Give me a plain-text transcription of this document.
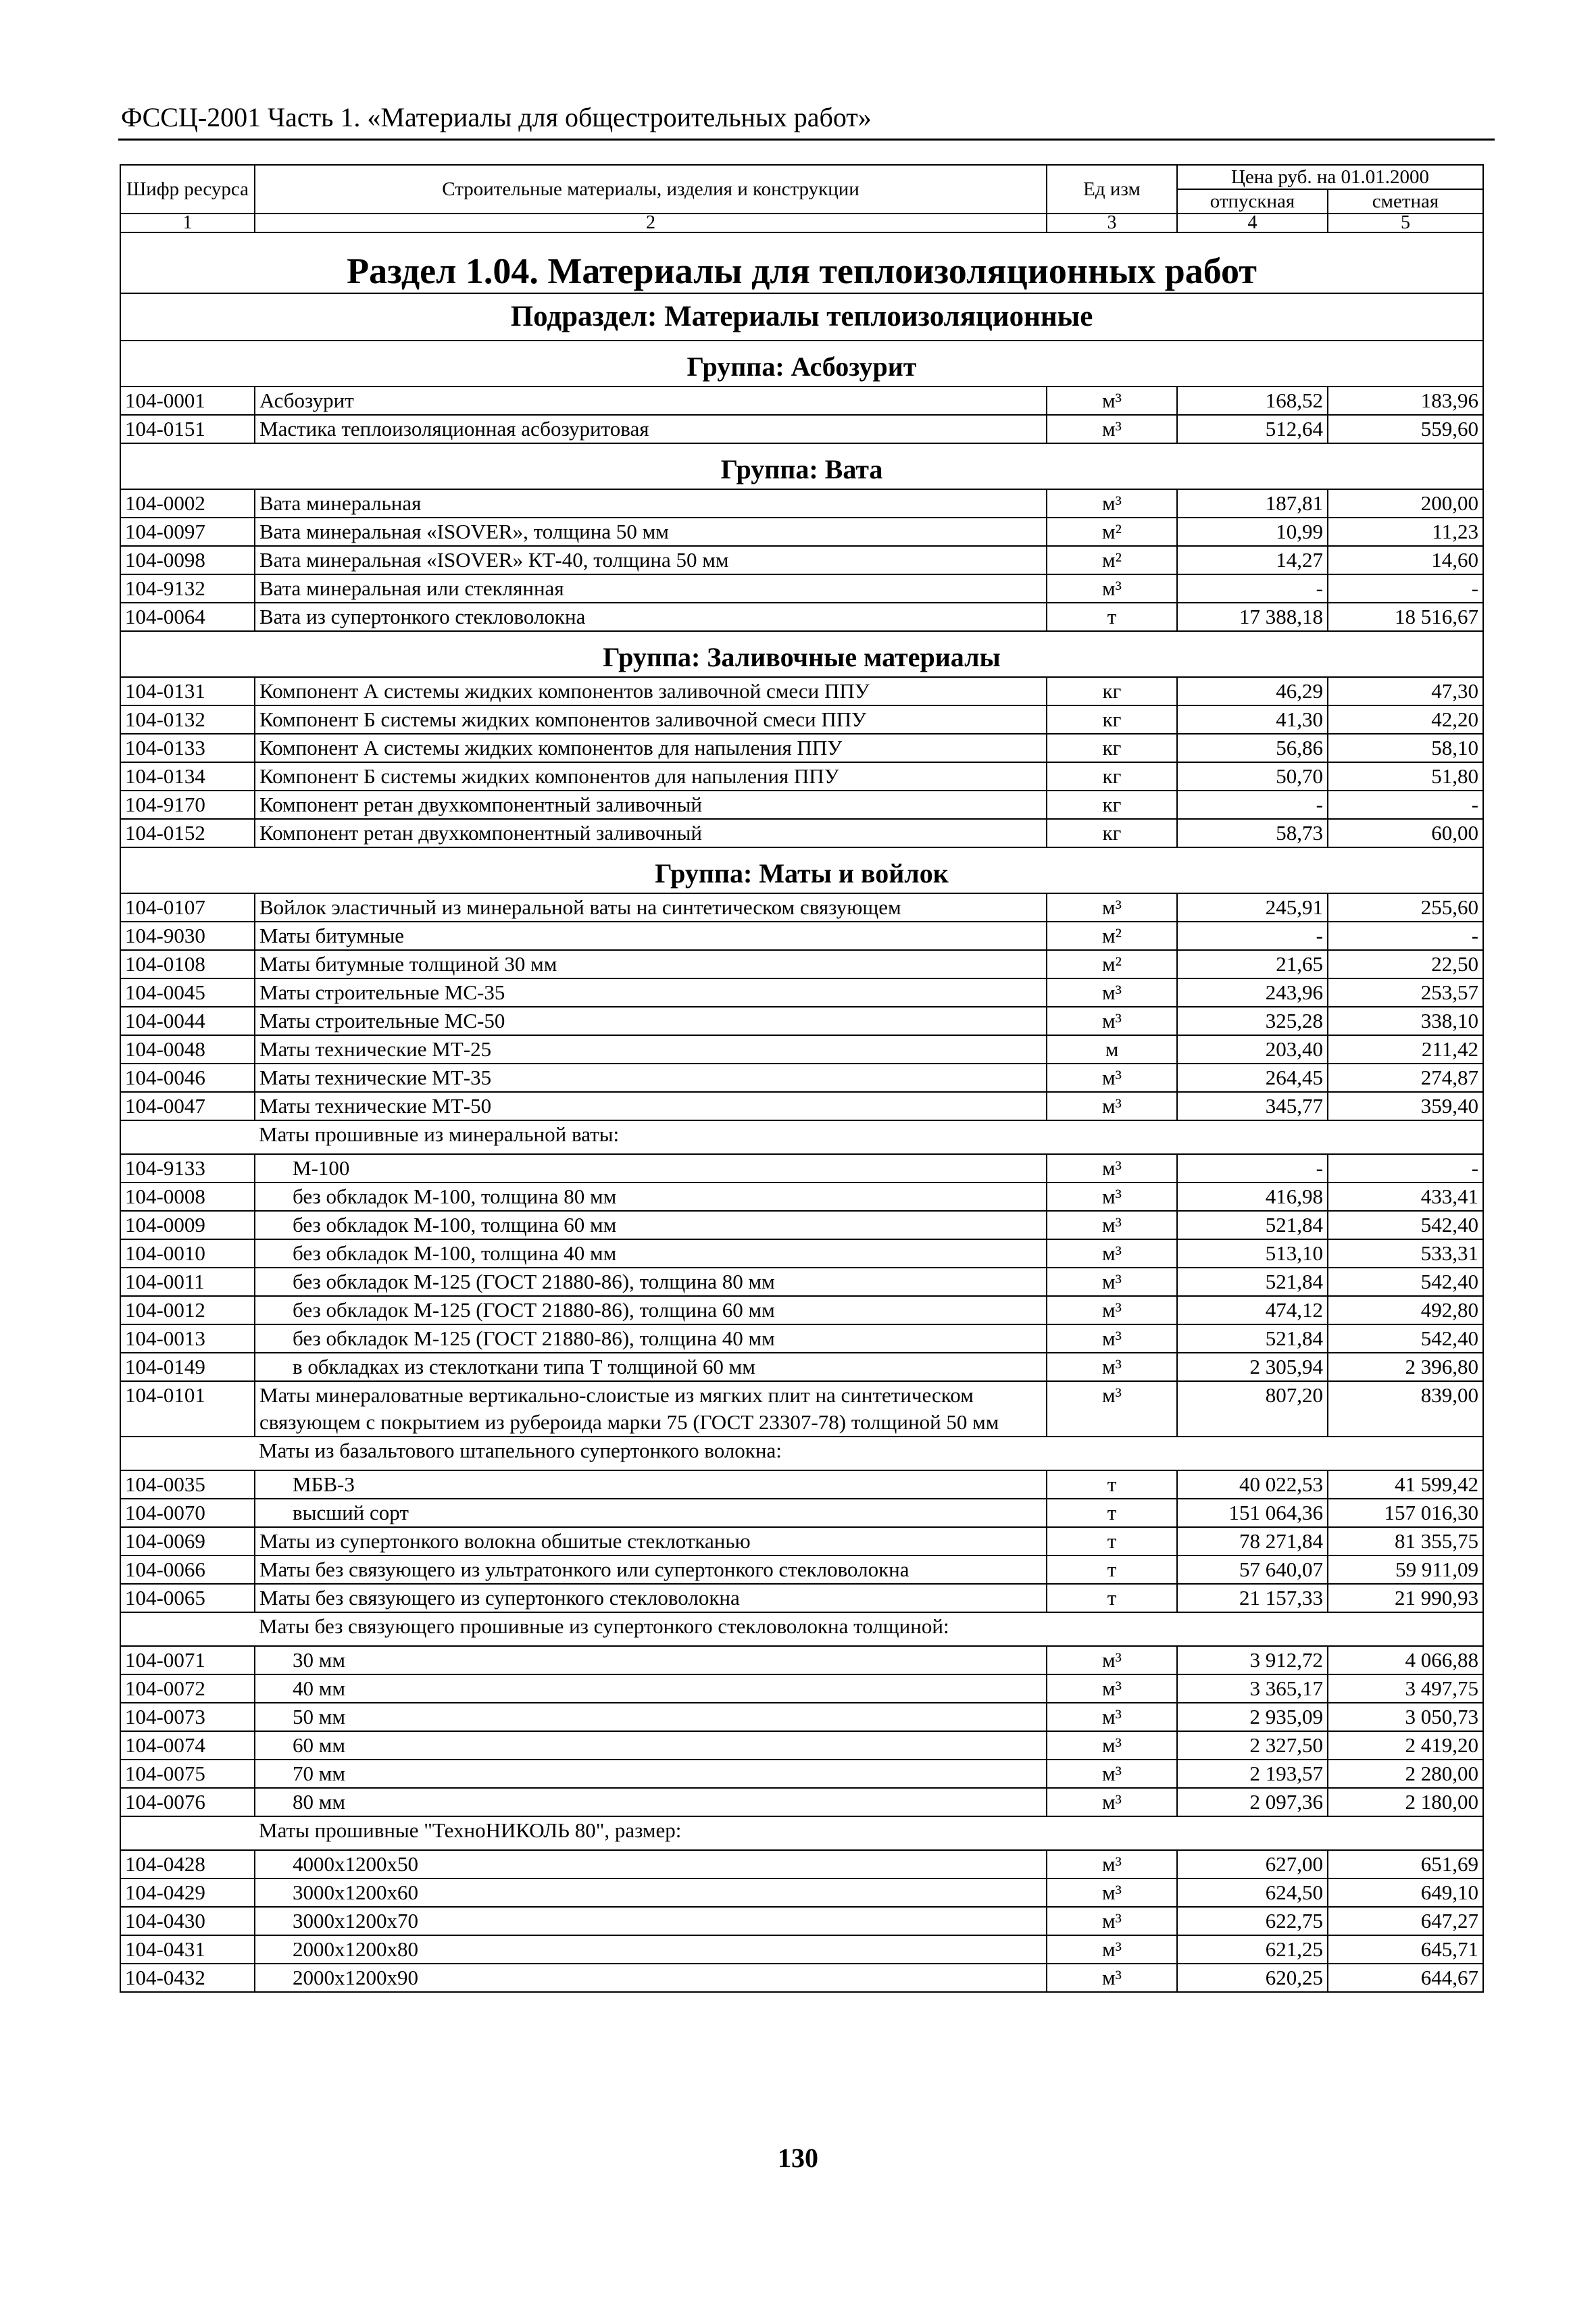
ФССЦ-2001 Часть 1. «Материалы для общестроительных работ»
Шифр ресурса	Строительные материалы, изделия и конструкции	Ед изм	Цена руб. на 01.01.2000	
			отпускная	сметная
1	2	3	4	5
Раздел 1.04. Материалы для теплоизоляционных работ				
Подраздел: Материалы теплоизоляционные				
Группа: Асбозурит				
104-0001	Асбозурит	м³	168,52	183,96
104-0151	Мастика теплоизоляционная асбозуритовая	м³	512,64	559,60
Группа: Вата				
104-0002	Вата минеральная	м³	187,81	200,00
104-0097	Вата минеральная «ISOVER», толщина 50 мм	м²	10,99	11,23
104-0098	Вата минеральная «ISOVER» КТ-40, толщина 50 мм	м²	14,27	14,60
104-9132	Вата минеральная или стеклянная	м³	-	-
104-0064	Вата из супертонкого стекловолокна	т	17 388,18	18 516,67
Группа: Заливочные материалы				
104-0131	Компонент А системы жидких компонентов заливочной смеси ППУ	кг	46,29	47,30
104-0132	Компонент Б системы жидких компонентов заливочной смеси ППУ	кг	41,30	42,20
104-0133	Компонент А системы жидких компонентов для напыления ППУ	кг	56,86	58,10
104-0134	Компонент Б системы жидких компонентов для напыления ППУ	кг	50,70	51,80
104-9170	Компонент ретан двухкомпонентный заливочный	кг	-	-
104-0152	Компонент ретан двухкомпонентный заливочный	кг	58,73	60,00
Группа: Маты и войлок				
104-0107	Войлок эластичный из минеральной ваты на синтетическом связующем	м³	245,91	255,60
104-9030	Маты битумные	м²	-	-
104-0108	Маты битумные толщиной 30 мм	м²	21,65	22,50
104-0045	Маты строительные МС-35	м³	243,96	253,57
104-0044	Маты строительные МС-50	м³	325,28	338,10
104-0048	Маты технические МТ-25	м	203,40	211,42
104-0046	Маты технические МТ-35	м³	264,45	274,87
104-0047	Маты технические МТ-50	м³	345,77	359,40
	Маты прошивные из минеральной ваты:			
104-9133	М-100	м³	-	-
104-0008	без обкладок М-100, толщина 80 мм	м³	416,98	433,41
104-0009	без обкладок М-100, толщина 60 мм	м³	521,84	542,40
104-0010	без обкладок М-100, толщина 40 мм	м³	513,10	533,31
104-0011	без обкладок М-125 (ГОСТ 21880-86), толщина 80 мм	м³	521,84	542,40
104-0012	без обкладок М-125 (ГОСТ 21880-86), толщина 60 мм	м³	474,12	492,80
104-0013	без обкладок М-125 (ГОСТ 21880-86), толщина 40 мм	м³	521,84	542,40
104-0149	в обкладках из стеклоткани типа Т толщиной 60 мм	м³	2 305,94	2 396,80
104-0101	Маты минераловатные вертикально-слоистые из мягких плит на синтетическом связующем с покрытием из рубероида марки 75 (ГОСТ 23307-78) толщиной 50 мм	м³	807,20	839,00
	Маты из базальтового штапельного супертонкого волокна:			
104-0035	МБВ-3	т	40 022,53	41 599,42
104-0070	высший сорт	т	151 064,36	157 016,30
104-0069	Маты из супертонкого волокна обшитые стеклотканью	т	78 271,84	81 355,75
104-0066	Маты без связующего из ультратонкого или супертонкого стекловолокна	т	57 640,07	59 911,09
104-0065	Маты без связующего из супертонкого стекловолокна	т	21 157,33	21 990,93
	Маты без связующего прошивные из супертонкого стекловолокна толщиной:			
104-0071	30 мм	м³	3 912,72	4 066,88
104-0072	40 мм	м³	3 365,17	3 497,75
104-0073	50 мм	м³	2 935,09	3 050,73
104-0074	60 мм	м³	2 327,50	2 419,20
104-0075	70 мм	м³	2 193,57	2 280,00
104-0076	80 мм	м³	2 097,36	2 180,00
	Маты прошивные "ТехноНИКОЛЬ 80", размер:			
104-0428	4000x1200x50	м³	627,00	651,69
104-0429	3000x1200x60	м³	624,50	649,10
104-0430	3000x1200x70	м³	622,75	647,27
104-0431	2000x1200x80	м³	621,25	645,71
104-0432	2000x1200x90	м³	620,25	644,67
130
